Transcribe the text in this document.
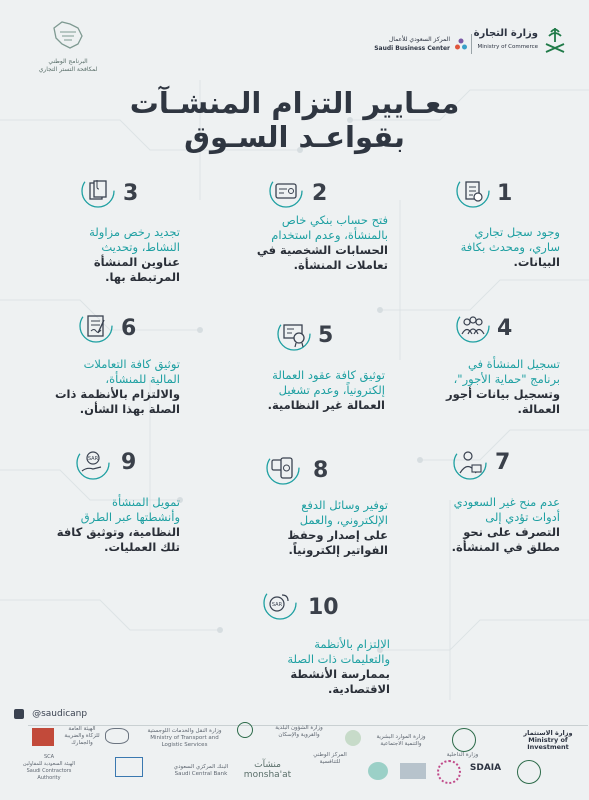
البرنامج الوطني
لمكافحة التستر التجاري
المركز السعودي للأعمال
Saudi Business Center
وزارة التجارة
Ministry of Commerce
معـايير التزام المنشـآت
بقواعـد السـوق
1
وجود سجل تجاري
ساري، ومحدث بكافة
البيانات.
2
فتح حساب بنكي خاص
بالمنشأة، وعدم استخدام
الحسابات الشخصية في
تعاملات المنشأة.
3
تجديد رخص مزاولة
النشاط، وتحديث
عناوين المنشأة
المرتبطة بها.
4
تسجيل المنشأة في
برنامج "حماية الأجور"،
وتسجيل بيانات أجور
العمالة.
5
توثيق كافة عقود العمالة
إلكترونياً، وعدم تشغيل
العمالة غير النظامية.
6
توثيق كافة التعاملات
المالية للمنشأة،
والالتزام بالأنظمة ذات
الصلة بهذا الشأن.
7
عدم منح غير السعودي
أدوات تؤدي إلى
التصرف على نحو
مطلق في المنشأة.
8
توفير وسائل الدفع
الإلكتروني، والعمل
على إصدار وحفظ
الفواتير إلكترونياً.
9
SAR
تمويل المنشأة
وأنشطتها عبر الطرق
النظامية، وتوثيق كافة
تلك العمليات.
10
SAR
الالتزام بالأنظمة
والتعليمات ذات الصلة
بممارسة الأنشطة
الاقتصادية.
@saudicanp
وزارة الاستثمار
Ministry of Investment
وزارة الداخلية
وزارة الموارد البشرية
والتنمية الاجتماعية
وزارة الشؤون البلدية
والقروية والإسكان
وزارة النقل والخدمات اللوجستية
Ministry of Transport and Logistic Services
الهيئة العامة
للزكاة والضريبة والجمارك
SDAIA
المركز الوطني
للتنافسية
منشآت
monsha'at
البنك المركزي السعودي
Saudi Central Bank
SCA
الهيئة السعودية للمقاولين
Saudi Contractors Authority
